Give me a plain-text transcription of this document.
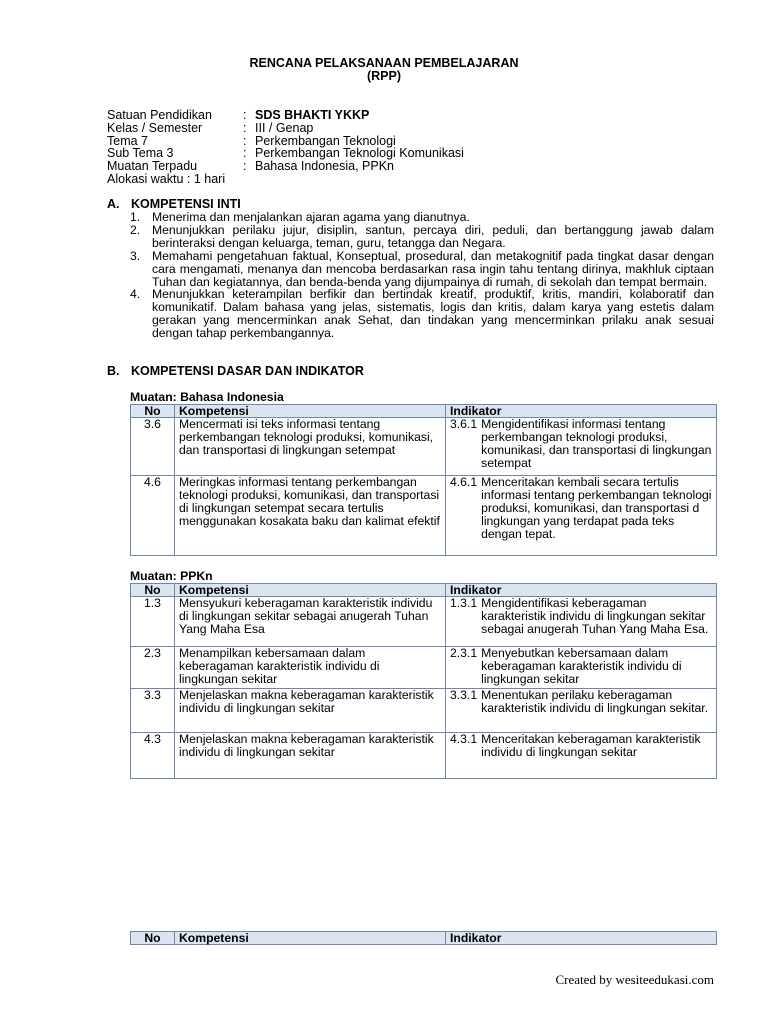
RENCANA PELAKSANAAN PEMBELAJARAN
(RPP)
Satuan Pendidikan	: SDS BHAKTI YKKP
Kelas / Semester	: III / Genap
Tema 7	: Perkembangan Teknologi
Sub Tema 3	: Perkembangan Teknologi Komunikasi
Muatan Terpadu	: Bahasa Indonesia, PPKn
Alokasi waktu : 1 hari
A. KOMPETENSI INTI
1. Menerima dan menjalankan ajaran agama yang dianutnya.
2. Menunjukkan perilaku jujur, disiplin, santun, percaya diri, peduli, dan bertanggung jawab dalam berinteraksi dengan keluarga, teman, guru, tetangga dan Negara.
3. Memahami pengetahuan faktual, Konseptual, prosedural, dan metakognitif pada tingkat dasar dengan cara mengamati, menanya dan mencoba berdasarkan rasa ingin tahu tentang dirinya, makhluk ciptaan Tuhan dan kegiatannya, dan benda-benda yang dijumpainya di rumah, di sekolah dan tempat bermain.
4. Menunjukkan keterampilan berfikir dan bertindak kreatif, produktif, kritis, mandiri, kolaboratif dan komunikatif. Dalam bahasa yang jelas, sistematis, logis dan kritis, dalam karya yang estetis dalam gerakan yang mencerminkan anak Sehat, dan tindakan yang mencerminkan prilaku anak sesuai dengan tahap perkembangannya.
B. KOMPETENSI DASAR DAN INDIKATOR
Muatan: Bahasa Indonesia
No	Kompetensi	Indikator
3.6	Mencermati isi teks informasi tentang perkembangan teknologi produksi, komunikasi, dan transportasi di lingkungan setempat	3.6.1 Mengidentifikasi informasi tentang perkembangan teknologi produksi, komunikasi, dan transportasi di lingkungan setempat

4.6	Meringkas informasi tentang perkembangan teknologi produksi, komunikasi, dan transportasi di lingkungan setempat secara tertulis menggunakan kosakata baku dan kalimat efektif	4.6.1 Menceritakan kembali secara tertulis informasi tentang perkembangan teknologi produksi, komunikasi, dan transportasi d lingkungan yang terdapat pada teks dengan tepat.
Muatan: PPKn
No	Kompetensi	Indikator
1.3	Mensyukuri keberagaman karakteristik individu di lingkungan sekitar sebagai anugerah Tuhan Yang Maha Esa	1.3.1 Mengidentifikasi keberagaman karakteristik individu di lingkungan sekitar sebagai anugerah Tuhan Yang Maha Esa.

2.3	Menampilkan kebersamaan dalam keberagaman karakteristik individu di lingkungan sekitar	2.3.1 Menyebutkan kebersamaan dalam keberagaman karakteristik individu di lingkungan sekitar

3.3	Menjelaskan makna keberagaman karakteristik individu di lingkungan sekitar	3.3.1 Menentukan perilaku keberagaman karakteristik individu di lingkungan sekitar.

4.3	Menjelaskan makna keberagaman karakteristik individu di lingkungan sekitar	4.3.1 Menceritakan keberagaman karakteristik individu di lingkungan sekitar
No	Kompetensi	Indikator
Created by wesiteedukasi.com
